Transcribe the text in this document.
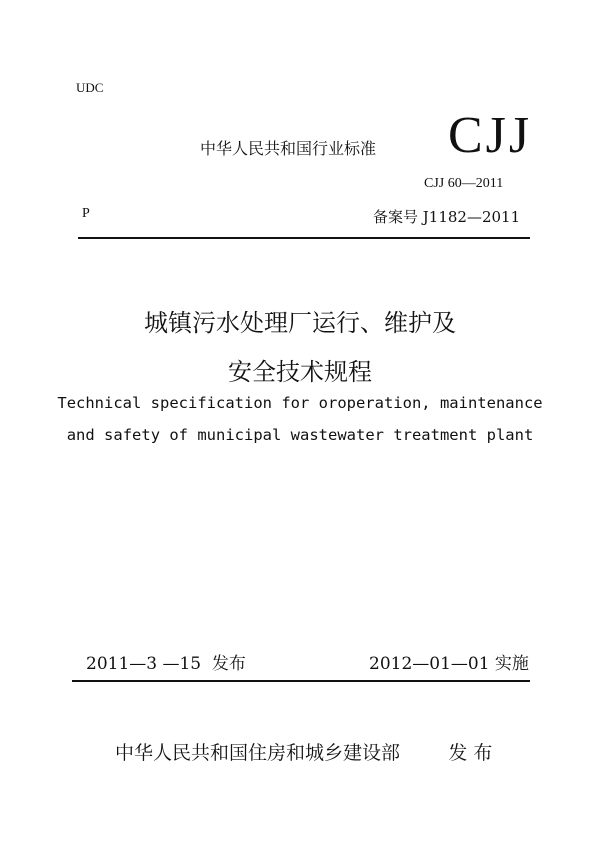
UDC
中华人民共和国行业标准 CJJ
CJJ 60—2011
P	备案号 J1182—2011
城镇污水处理厂运行、维护及
安全技术规程
Technical specification for oroperation, maintenance
and safety of municipal wastewater treatment plant
2011—3 —15  发布	2012—01—01 实施
中华人民共和国住房和城乡建设部        发 布
